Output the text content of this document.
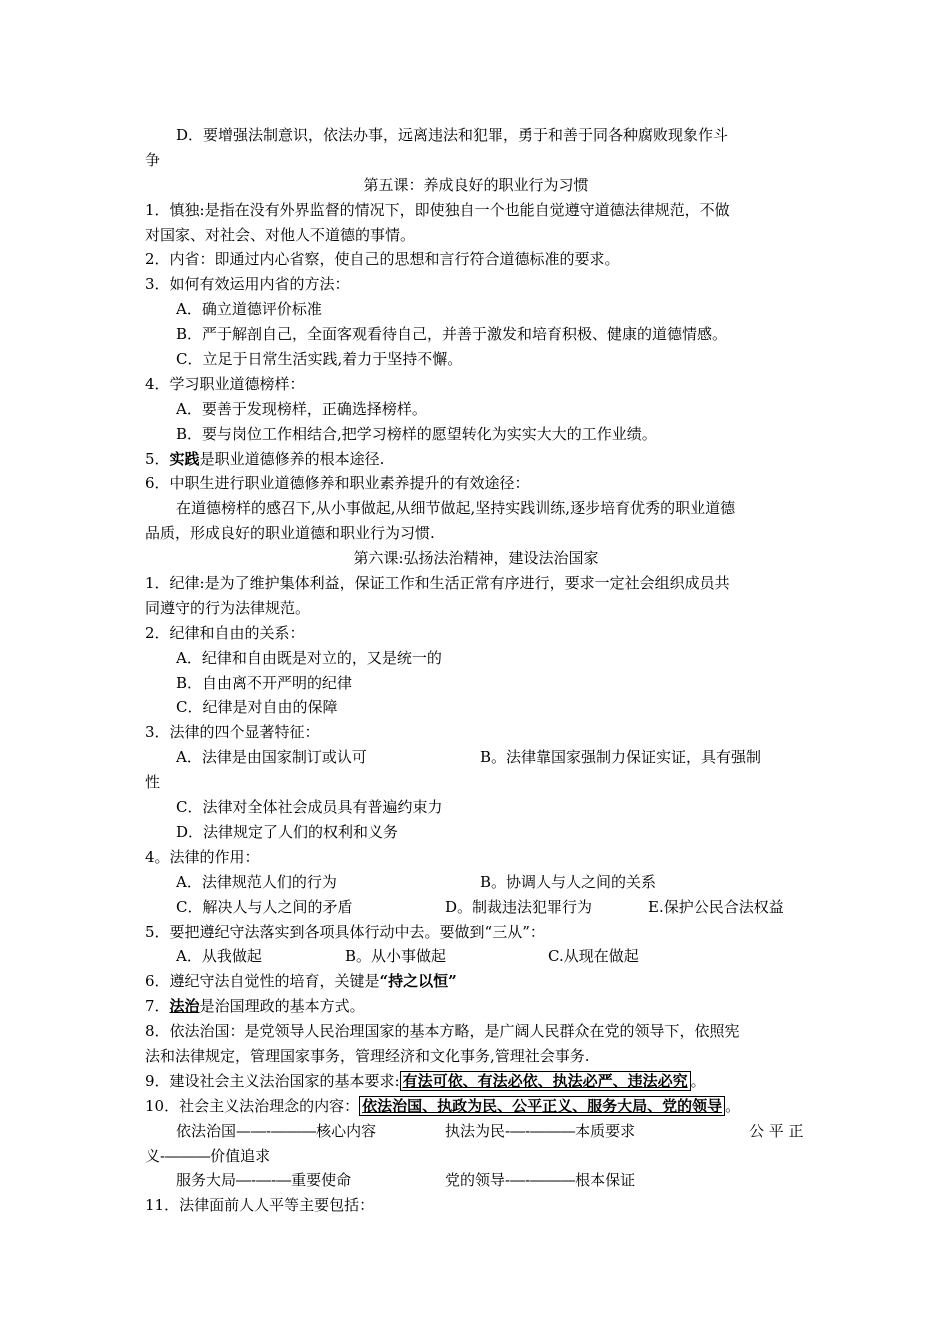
D．要增强法制意识，依法办事，远离违法和犯罪，勇于和善于同各种腐败现象作斗
争
第五课：养成良好的职业行为习惯
1．慎独:是指在没有外界监督的情况下，即使独自一个也能自觉遵守道德法律规范，不做
对国家、对社会、对他人不道德的事情。
2．内省：即通过内心省察，使自己的思想和言行符合道德标准的要求。
3．如何有效运用内省的方法：
A．确立道德评价标准
B．严于解剖自己，全面客观看待自己，并善于激发和培育积极、健康的道德情感。
C．立足于日常生活实践,着力于坚持不懈。
4．学习职业道德榜样：
A．要善于发现榜样，正确选择榜样。
B．要与岗位工作相结合,把学习榜样的愿望转化为实实大大的工作业绩。
5．实践是职业道德修养的根本途径.
6．中职生进行职业道德修养和职业素养提升的有效途径：
在道德榜样的感召下,从小事做起,从细节做起,坚持实践训练,逐步培育优秀的职业道德
品质，形成良好的职业道德和职业行为习惯.
第六课:弘扬法治精神，建设法治国家
1．纪律:是为了维护集体利益，保证工作和生活正常有序进行，要求一定社会组织成员共
同遵守的行为法律规范。
2．纪律和自由的关系：
A．纪律和自由既是对立的，又是统一的
B．自由离不开严明的纪律
C．纪律是对自由的保障
3．法律的四个显著特征：
A．法律是由国家制订或认可	B。法律靠国家强制力保证实证，具有强制
性
C．法律对全体社会成员具有普遍约束力
D．法律规定了人们的权利和义务
4。法律的作用：
A．法律规范人们的行为	B。协调人与人之间的关系
C．解决人与人之间的矛盾	D。制裁违法犯罪行为	E.保护公民合法权益
5．要把遵纪守法落实到各项具体行动中去。要做到“三从”：
A．从我做起	B。从小事做起	C.从现在做起
6．遵纪守法自觉性的培育，关键是“持之以恒”
7．法治是治国理政的基本方式。
8．依法治国：是党领导人民治理国家的基本方略，是广阔人民群众在党的领导下，依照宪
法和法律规定，管理国家事务，管理经济和文化事务,管理社会事务.
9．建设社会主义法治国家的基本要求: 有法可依、有法必依、执法必严、违法必究 。
10．社会主义法治理念的内容： 依法治国、执政为民、公平正义、服务大局、党的领导 。
依法治国—―-―――核心内容	执法为民-―-―――本质要求	公 平 正
义-―――价值追求
服务大局―-―-―重要使命	党的领导-―-―――根本保证
11．法律面前人人平等主要包括：
